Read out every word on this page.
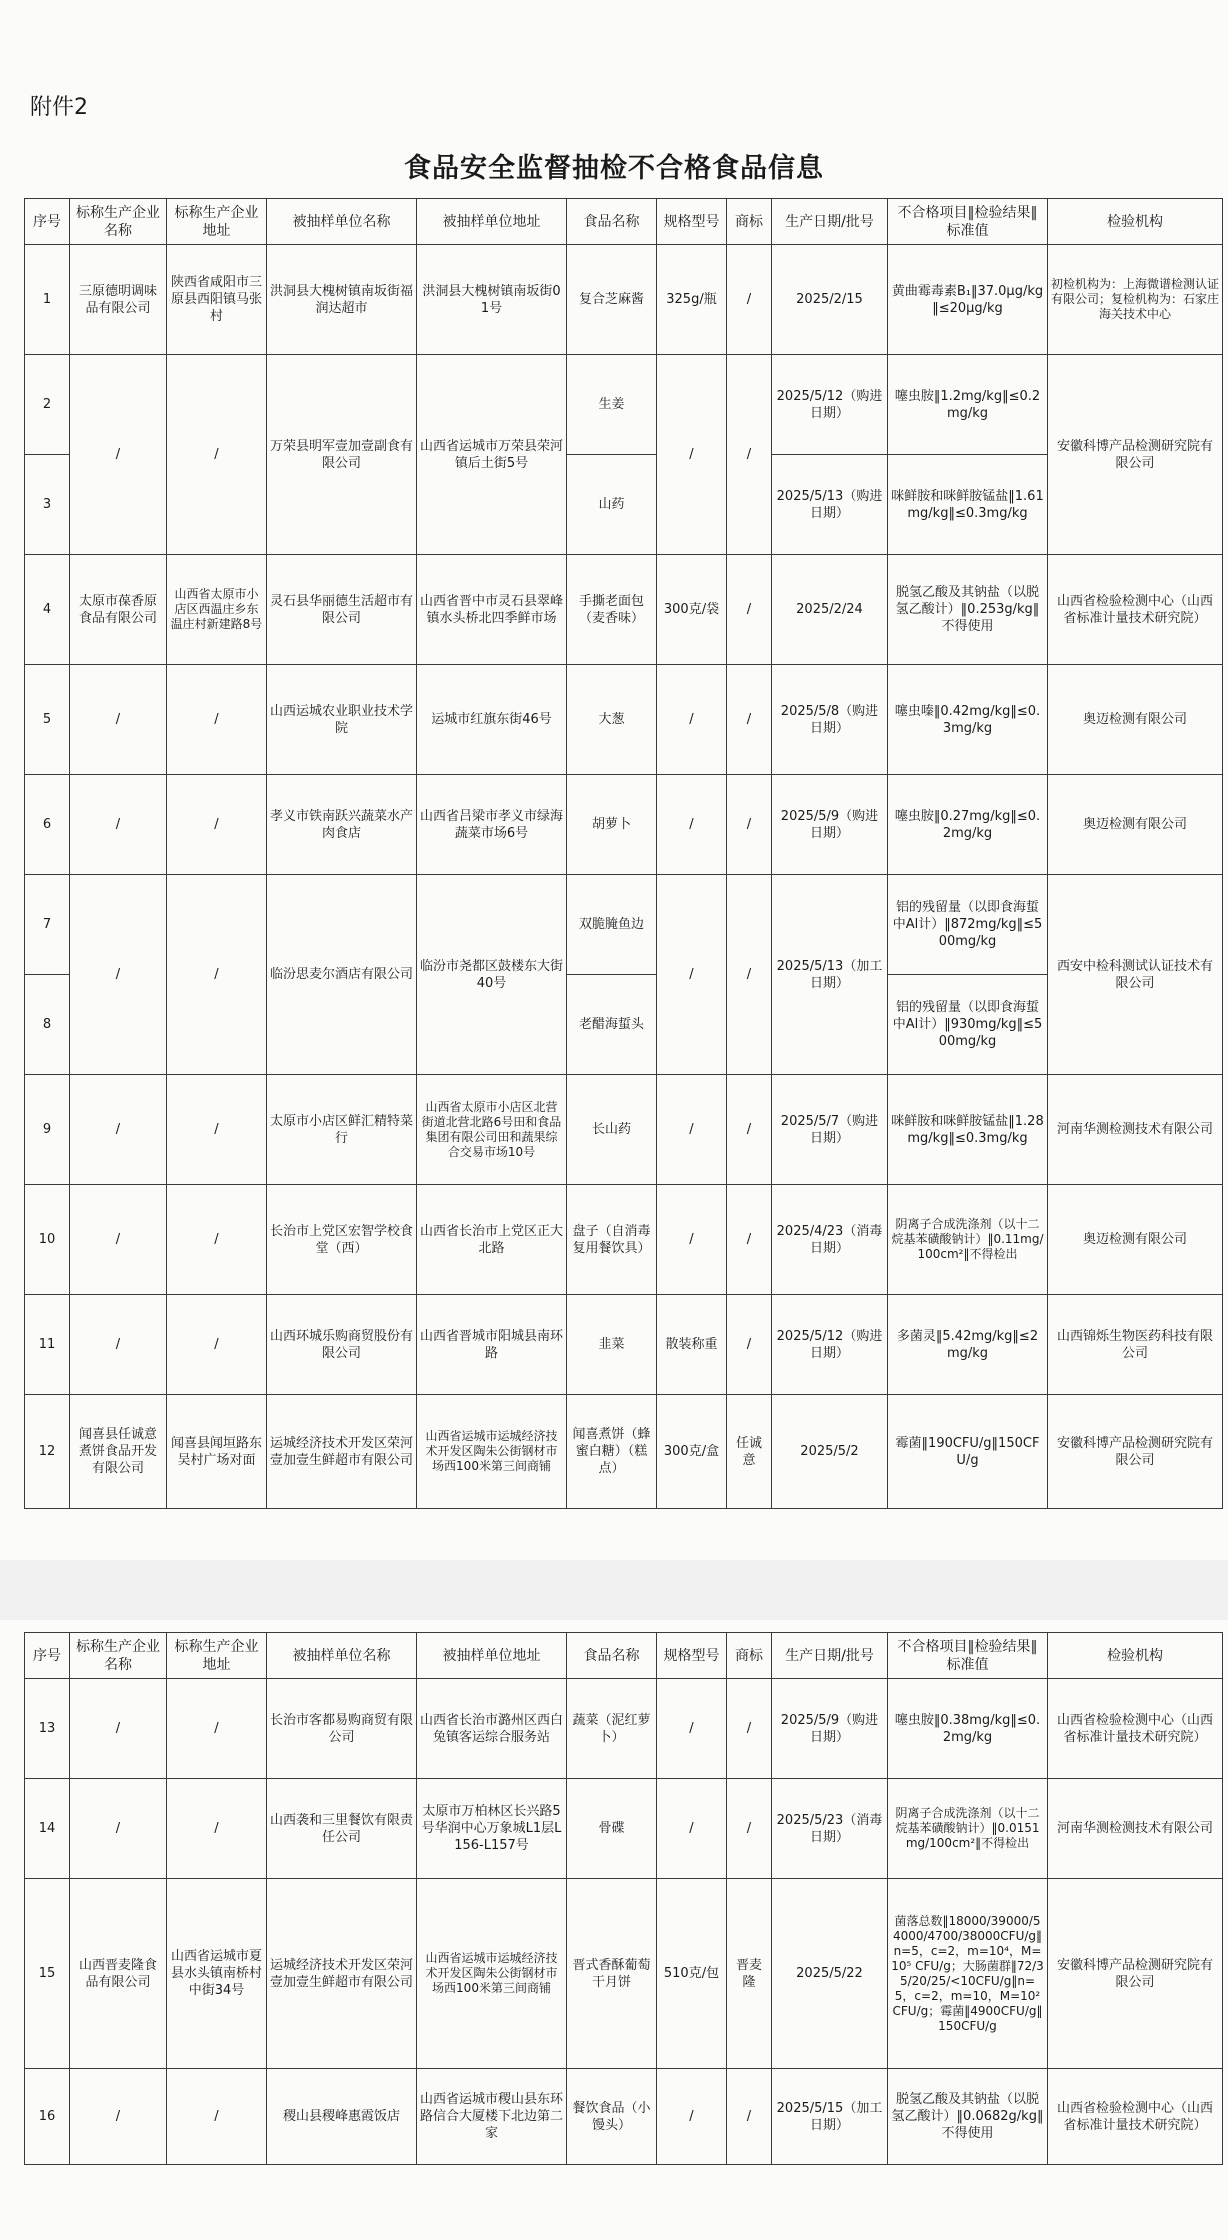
附件2
食品安全监督抽检不合格食品信息
序号	标称生产企业名称	标称生产企业地址	被抽样单位名称	被抽样单位地址	食品名称	规格型号	商标	生产日期/批号	不合格项目‖检验结果‖标准值	检验机构
1	三原德明调味品有限公司	陕西省咸阳市三原县西阳镇马张村	洪洞县大槐树镇南坂街福润达超市	洪洞县大槐树镇南坂街01号	复合芝麻酱	325g/瓶	/	2025/2/15	黄曲霉毒素B₁‖37.0μg/kg‖≤20μg/kg	初检机构为：上海微谱检测认证有限公司；复检机构为：石家庄海关技术中心
2	/	/	万荣县明军壹加壹副食有限公司	山西省运城市万荣县荣河镇后土街5号	生姜	/	/	2025/5/12（购进日期）	噻虫胺‖1.2mg/kg‖≤0.2mg/kg	安徽科博产品检测研究院有限公司
3					山药			2025/5/13（购进日期）	咪鲜胺和咪鲜胺锰盐‖1.61mg/kg‖≤0.3mg/kg	
4	太原市葆香原食品有限公司	山西省太原市小店区西温庄乡东温庄村新建路8号	灵石县华丽德生活超市有限公司	山西省晋中市灵石县翠峰镇水头桥北四季鲜市场	手撕老面包（麦香味）	300克/袋	/	2025/2/24	脱氢乙酸及其钠盐（以脱氢乙酸计）‖0.253g/kg‖不得使用	山西省检验检测中心（山西省标准计量技术研究院）
5	/	/	山西运城农业职业技术学院	运城市红旗东街46号	大葱	/	/	2025/5/8（购进日期）	噻虫嗪‖0.42mg/kg‖≤0.3mg/kg	奥迈检测有限公司
6	/	/	孝义市铁南跃兴蔬菜水产肉食店	山西省吕梁市孝义市绿海蔬菜市场6号	胡萝卜	/	/	2025/5/9（购进日期）	噻虫胺‖0.27mg/kg‖≤0.2mg/kg	奥迈检测有限公司
7	/	/	临汾思麦尔酒店有限公司	临汾市尧都区鼓楼东大街40号	双脆腌鱼边	/	/	2025/5/13（加工日期）	铝的残留量（以即食海蜇中Al计）‖872mg/kg‖≤500mg/kg	西安中检科测试认证技术有限公司
8					老醋海蜇头				铝的残留量（以即食海蜇中Al计）‖930mg/kg‖≤500mg/kg	
9	/	/	太原市小店区鲜汇精特菜行	山西省太原市小店区北营街道北营北路6号田和食品集团有限公司田和蔬果综合交易市场10号	长山药	/	/	2025/5/7（购进日期）	咪鲜胺和咪鲜胺锰盐‖1.28mg/kg‖≤0.3mg/kg	河南华测检测技术有限公司
10	/	/	长治市上党区宏智学校食堂（西）	山西省长治市上党区正大北路	盘子（自消毒复用餐饮具）	/	/	2025/4/23（消毒日期）	阴离子合成洗涤剂（以十二烷基苯磺酸钠计）‖0.11mg/100cm²‖不得检出	奥迈检测有限公司
11	/	/	山西环城乐购商贸股份有限公司	山西省晋城市阳城县南环路	韭菜	散装称重	/	2025/5/12（购进日期）	多菌灵‖5.42mg/kg‖≤2mg/kg	山西锦烁生物医药科技有限公司
12	闻喜县任诚意煮饼食品开发有限公司	闻喜县闻垣路东吴村广场对面	运城经济技术开发区荣河壹加壹生鲜超市有限公司	山西省运城市运城经济技术开发区陶朱公街钢材市场西100米第三间商铺	闻喜煮饼（蜂蜜白糖）（糕点）	300克/盒	任诚意	2025/5/2	霉菌‖190CFU/g‖150CFU/g	安徽科博产品检测研究院有限公司
序号	标称生产企业名称	标称生产企业地址	被抽样单位名称	被抽样单位地址	食品名称	规格型号	商标	生产日期/批号	不合格项目‖检验结果‖标准值	检验机构
13	/	/	长治市客都易购商贸有限公司	山西省长治市潞州区西白兔镇客运综合服务站	蔬菜（泥红萝卜）	/	/	2025/5/9（购进日期）	噻虫胺‖0.38mg/kg‖≤0.2mg/kg	山西省检验检测中心（山西省标准计量技术研究院）
14	/	/	山西袭和三里餐饮有限责任公司	太原市万柏林区长兴路5号华润中心万象城L1层L156-L157号	骨碟	/	/	2025/5/23（消毒日期）	阴离子合成洗涤剂（以十二烷基苯磺酸钠计）‖0.0151mg/100cm²‖不得检出	河南华测检测技术有限公司
15	山西晋麦隆食品有限公司	山西省运城市夏县水头镇南桥村中街34号	运城经济技术开发区荣河壹加壹生鲜超市有限公司	山西省运城市运城经济技术开发区陶朱公街钢材市场西100米第三间商铺	晋式香酥葡萄干月饼	510克/包	晋麦隆	2025/5/22	菌落总数‖18000/39000/54000/4700/38000CFU/g‖n=5，c=2，m=10⁴，M=10⁵ CFU/g；大肠菌群‖72/35/20/25/<10CFU/g‖n=5，c=2，m=10，M=10² CFU/g；霉菌‖4900CFU/g‖150CFU/g	安徽科博产品检测研究院有限公司
16	/	/	稷山县稷峰惠霞饭店	山西省运城市稷山县东环路信合大厦楼下北边第二家	餐饮食品（小馒头）	/	/	2025/5/15（加工日期）	脱氢乙酸及其钠盐（以脱氢乙酸计）‖0.0682g/kg‖不得使用	山西省检验检测中心（山西省标准计量技术研究院）
